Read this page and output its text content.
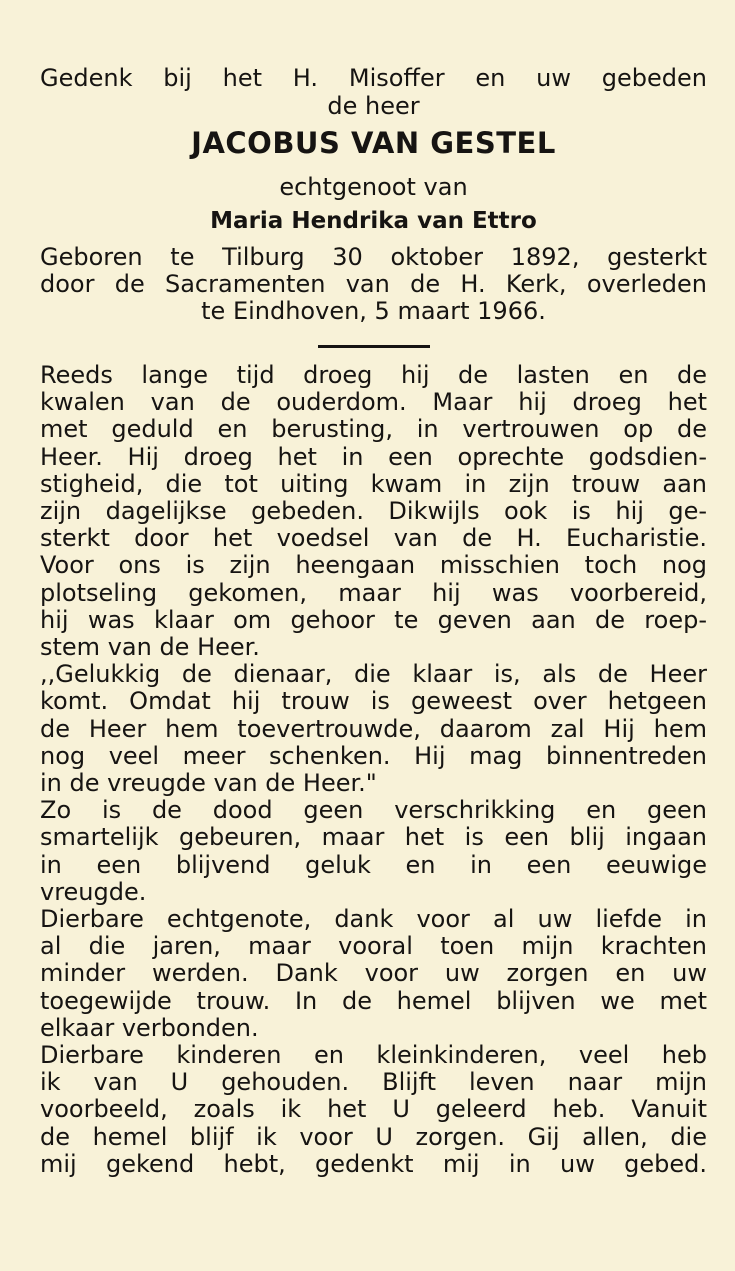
Gedenk bij het H. Misoffer en uw gebeden
de heer
JACOBUS VAN GESTEL
echtgenoot van
Maria Hendrika van Ettro
Geboren te Tilburg 30 oktober 1892, gesterkt
door de Sacramenten van de H. Kerk, overleden
te Eindhoven, 5 maart 1966.
Reeds lange tijd droeg hij de lasten en de
kwalen van de ouderdom. Maar hij droeg het
met geduld en berusting, in vertrouwen op de
Heer. Hij droeg het in een oprechte godsdien-
stigheid, die tot uiting kwam in zijn trouw aan
zijn dagelijkse gebeden. Dikwijls ook is hij ge-
sterkt door het voedsel van de H. Eucharistie.
Voor ons is zijn heengaan misschien toch nog
plotseling gekomen, maar hij was voorbereid,
hij was klaar om gehoor te geven aan de roep-
stem van de Heer.
,,Gelukkig de dienaar, die klaar is, als de Heer
komt. Omdat hij trouw is geweest over hetgeen
de Heer hem toevertrouwde, daarom zal Hij hem
nog veel meer schenken. Hij mag binnentreden
in de vreugde van de Heer."
Zo is de dood geen verschrikking en geen
smartelijk gebeuren, maar het is een blij ingaan
in een blijvend geluk en in een eeuwige
vreugde.
Dierbare echtgenote, dank voor al uw liefde in
al die jaren, maar vooral toen mijn krachten
minder werden. Dank voor uw zorgen en uw
toegewijde trouw. In de hemel blijven we met
elkaar verbonden.
Dierbare kinderen en kleinkinderen, veel heb
ik van U gehouden. Blijft leven naar mijn
voorbeeld, zoals ik het U geleerd heb. Vanuit
de hemel blijf ik voor U zorgen. Gij allen, die
mij gekend hebt, gedenkt mij in uw gebed.
